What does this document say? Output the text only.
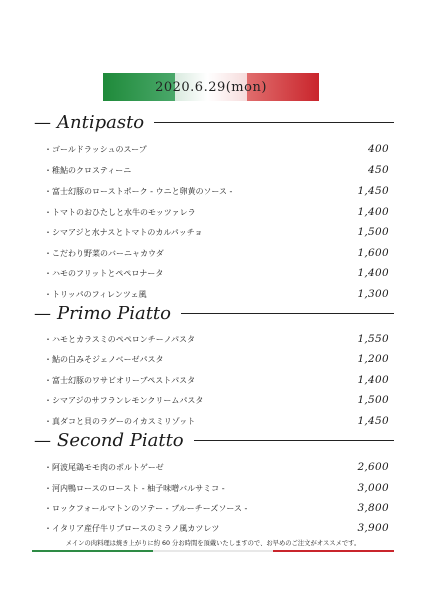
2020.6.29(mon)
— Antipasto
・ゴールドラッシュのスープ	400
・稚鮎のクロスティーニ	450
・富士幻豚のローストポーク - ウニと卵黄のソース -	1,450
・トマトのおひたしと水牛のモッツァレラ	1,400
・シマアジと水ナスとトマトのカルパッチョ	1,500
・こだわり野菜のバーニャカウダ	1,600
・ハモのフリットとペペロナータ	1,400
・トリッパのフィレンツェ風	1,300
— Primo Piatto
・ハモとカラスミのペペロンチーノパスタ	1,550
・鮎の白みそジェノベーゼパスタ	1,200
・富士幻豚のワサビオリーブペストパスタ	1,400
・シマアジのサフランレモンクリームパスタ	1,500
・真ダコと貝のラグーのイカスミリゾット	1,450
— Second Piatto
・阿波尾鶏モモ肉のポルトゲーゼ	2,600
・河内鴨ロースのロースト - 柚子味噌バルサミコ -	3,000
・ロックフォールマトンのソテー - ブルーチーズソース -	3,800
・イタリア産仔牛リブロースのミラノ風カツレツ	3,900
メインの肉料理は焼き上がりに約 60 分お時間を頂戴いたしますので、お早めのご注文がオススメです。
